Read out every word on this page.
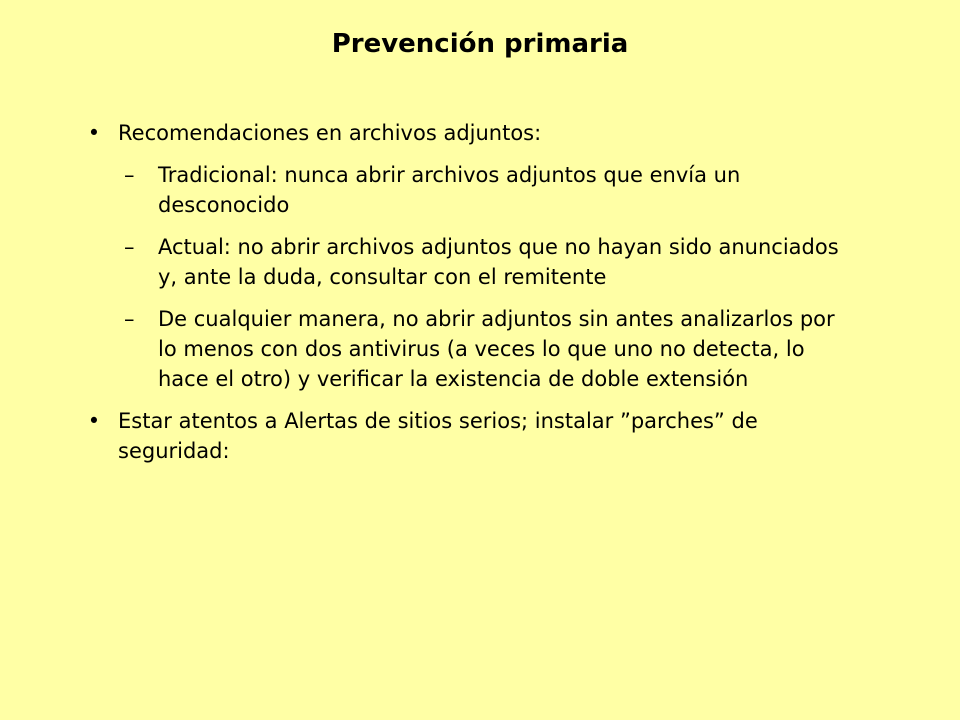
Prevención primaria
• Recomendaciones en archivos adjuntos:
– Tradicional: nunca abrir archivos adjuntos que envía un desconocido
– Actual: no abrir archivos adjuntos que no hayan sido anunciados y, ante la duda, consultar con el remitente
– De cualquier manera, no abrir adjuntos sin antes analizarlos por lo menos con dos antivirus (a veces lo que uno no detecta, lo hace el otro) y verificar la existencia de doble extensión
• Estar atentos a Alertas de sitios serios; instalar ”parches” de seguridad:
